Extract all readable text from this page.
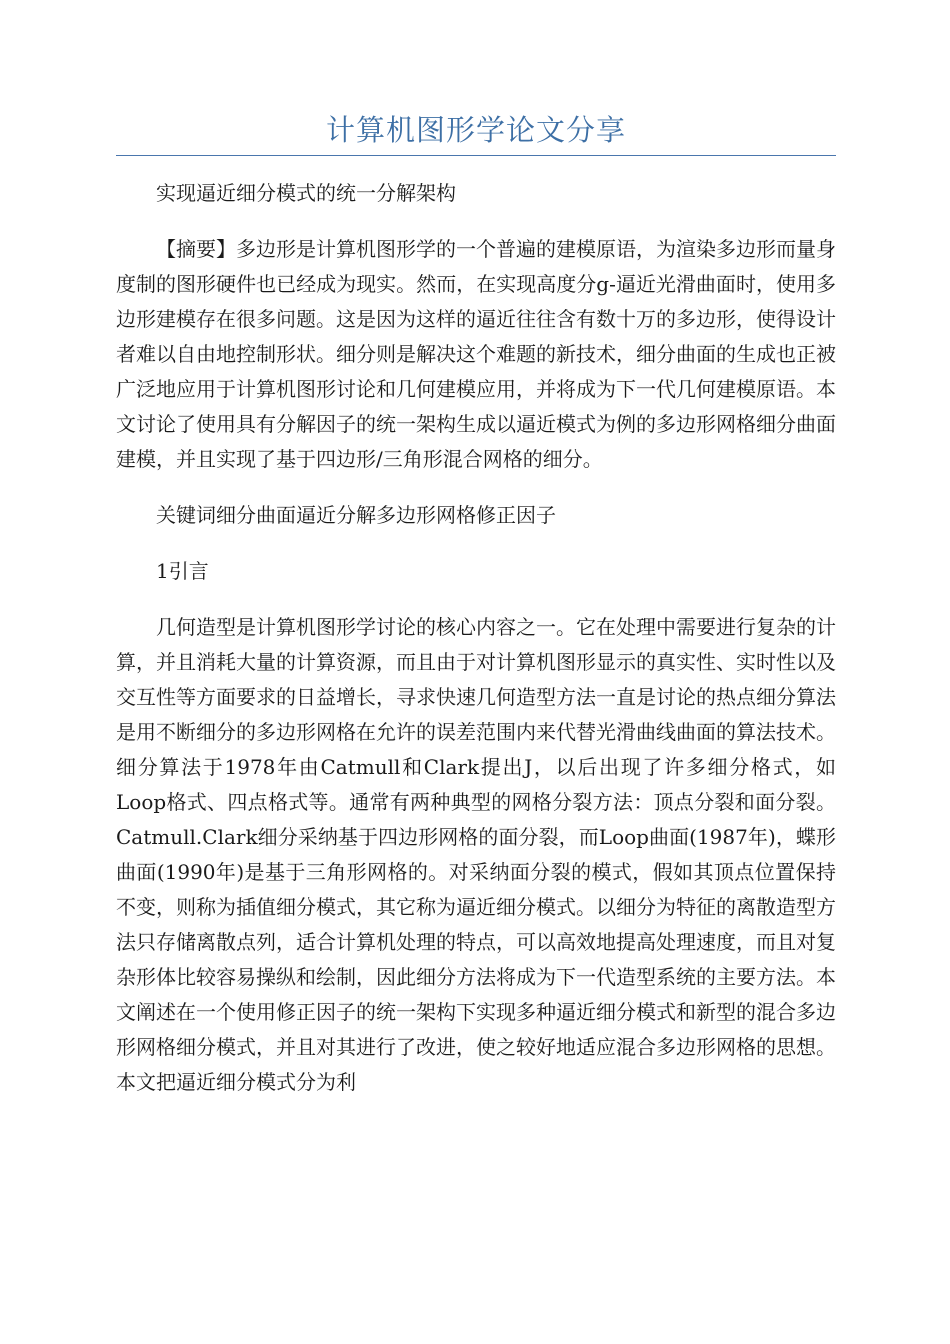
计算机图形学论文分享

实现逼近细分模式的统一分解架构

【摘要】多边形是计算机图形学的一个普遍的建模原语，为渲染多边形而量身度制的图形硬件也已经成为现实。然而，在实现高度分g-逼近光滑曲面时，使用多边形建模存在很多问题。这是因为这样的逼近往往含有数十万的多边形，使得设计者难以自由地控制形状。细分则是解决这个难题的新技术，细分曲面的生成也正被广泛地应用于计算机图形讨论和几何建模应用，并将成为下一代几何建模原语。本文讨论了使用具有分解因子的统一架构生成以逼近模式为例的多边形网格细分曲面建模，并且实现了基于四边形/三角形混合网格的细分。

关键词细分曲面逼近分解多边形网格修正因子

1引言

几何造型是计算机图形学讨论的核心内容之一。它在处理中需要进行复杂的计算，并且消耗大量的计算资源，而且由于对计算机图形显示的真实性、实时性以及交互性等方面要求的日益增长，寻求快速几何造型方法一直是讨论的热点细分算法是用不断细分的多边形网格在允许的误差范围内来代替光滑曲线曲面的算法技术。细分算法于1978年由Catmull和Clark提出J，以后出现了许多细分格式，如Loop格式、四点格式等。通常有两种典型的网格分裂方法：顶点分裂和面分裂。Catmull.Clark细分采纳基于四边形网格的面分裂，而Loop曲面(1987年)，蝶形曲面(1990年)是基于三角形网格的。对采纳面分裂的模式，假如其顶点位置保持不变，则称为插值细分模式，其它称为逼近细分模式。以细分为特征的离散造型方法只存储离散点列，适合计算机处理的特点，可以高效地提高处理速度，而且对复杂形体比较容易操纵和绘制，因此细分方法将成为下一代造型系统的主要方法。本文阐述在一个使用修正因子的统一架构下实现多种逼近细分模式和新型的混合多边形网格细分模式，并且对其进行了改进，使之较好地适应混合多边形网格的思想。本文把逼近细分模式分为利
